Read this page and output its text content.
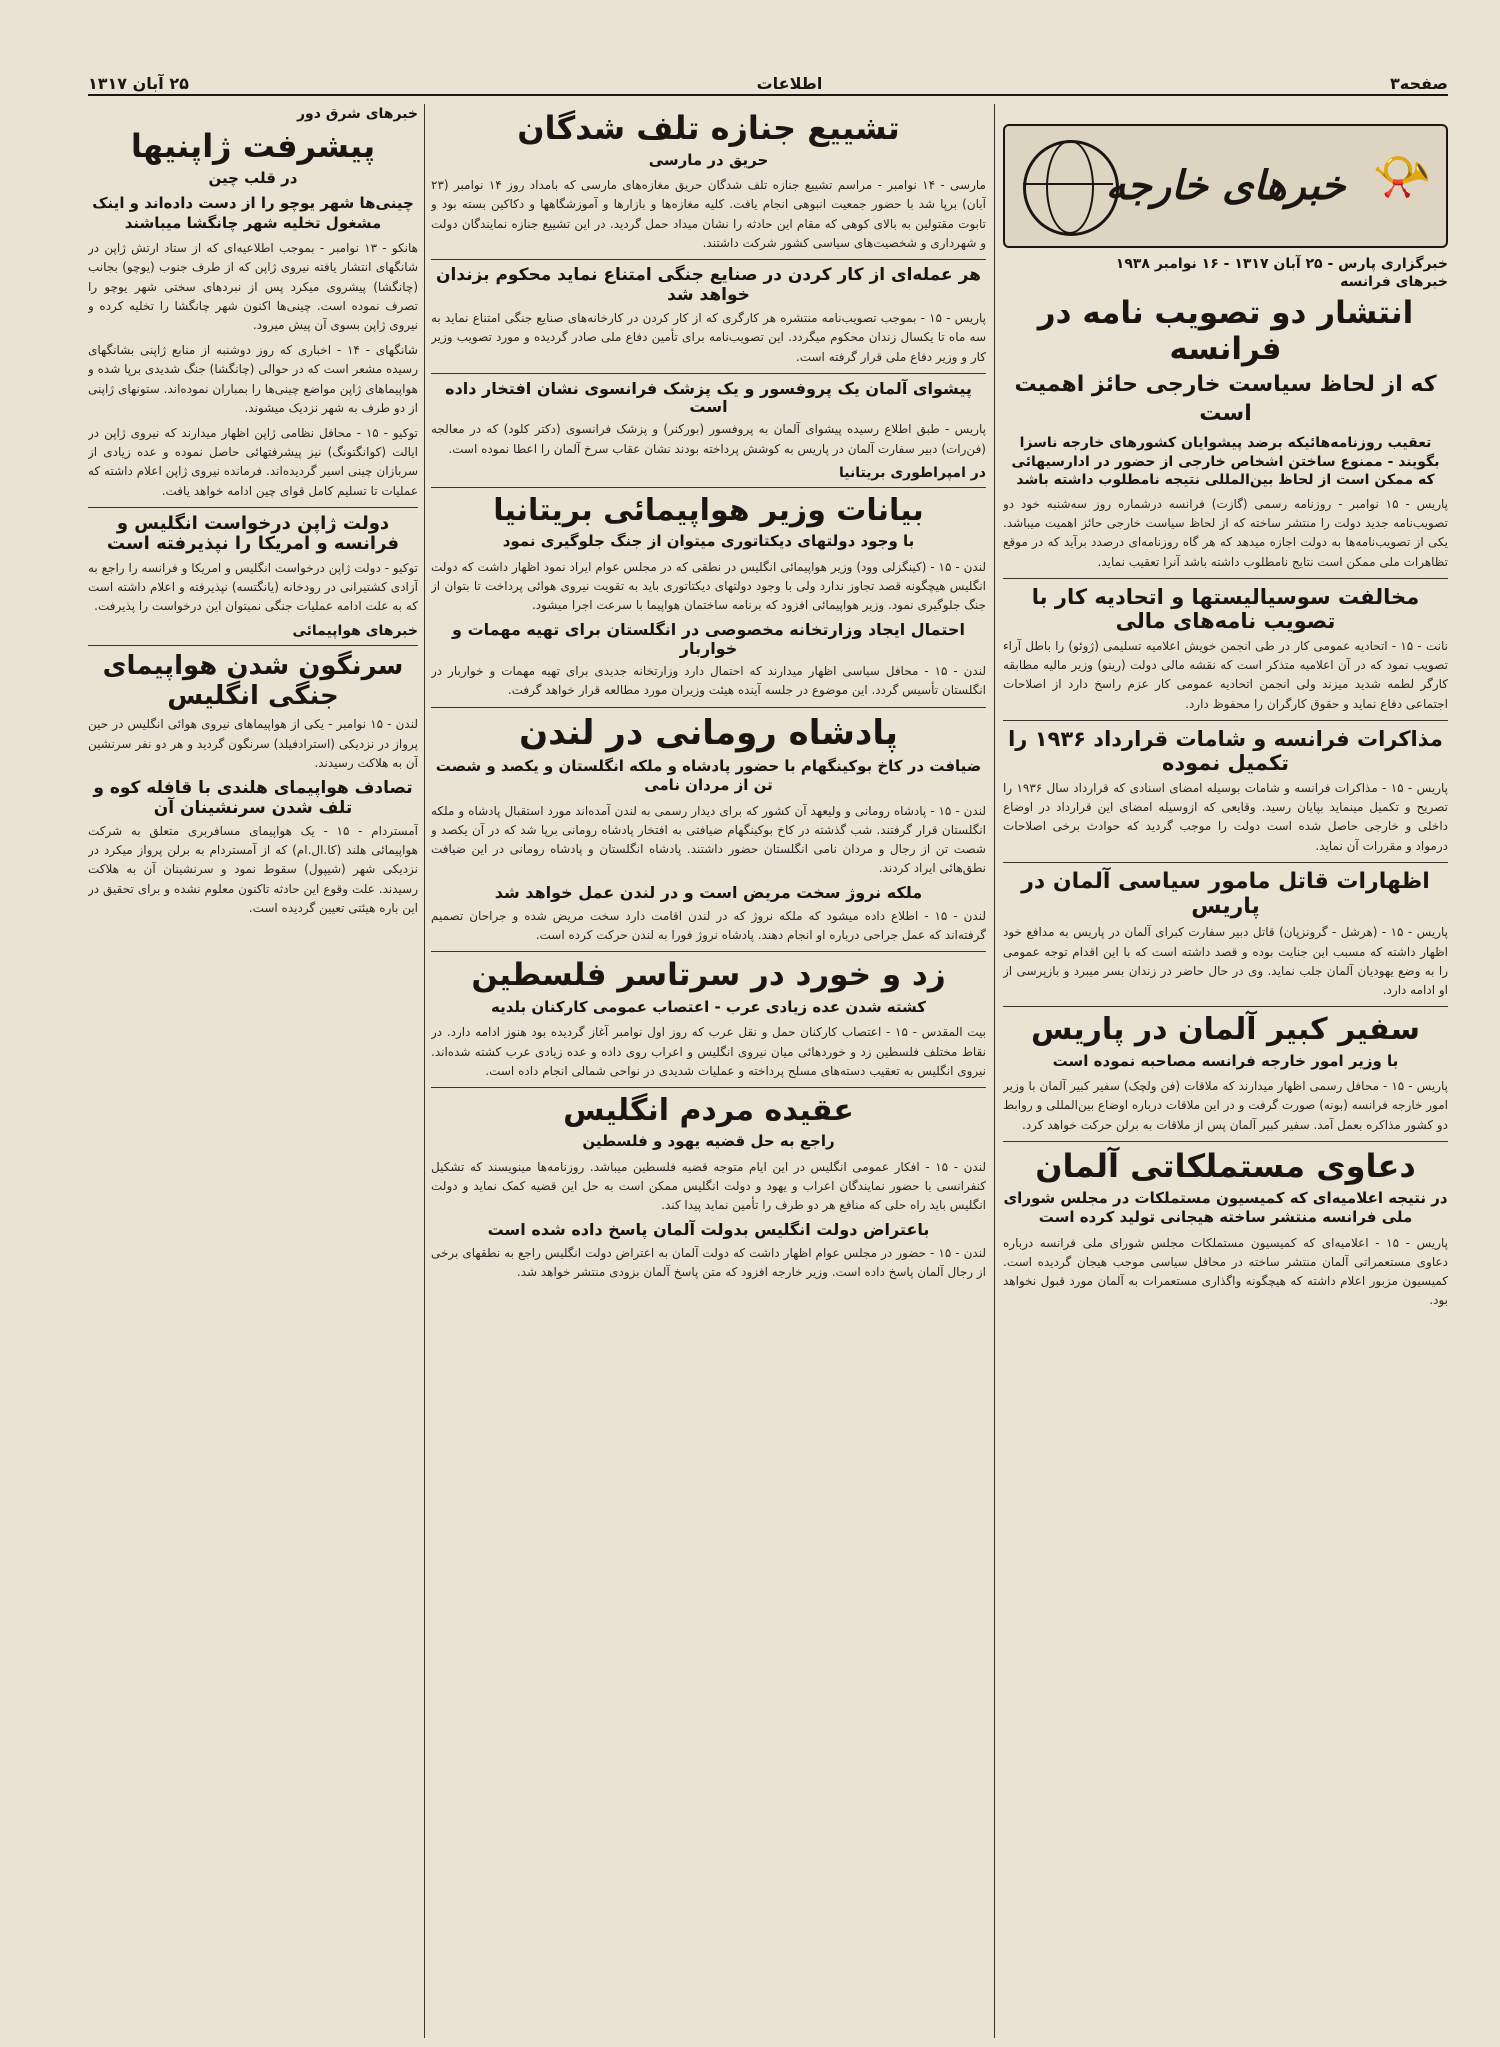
صفحه۳
اطلاعات
۲۵ آبان ۱۳۱۷
📯
خبرهای خارجه
خبرگزاری پارس - ۲۵ آبان ۱۳۱۷ - ۱۶ نوامبر ۱۹۳۸
خبرهای فرانسه
انتشار دو تصویب نامه در فرانسه
که از لحاظ سیاست خارجی حائز اهمیت است
تعقیب روزنامه‌هائیکه برضد پیشوایان کشورهای خارجه ناسزا بگویند - ممنوع ساختن اشخاص خارجی از حضور در ادارسیهائی که ممکن است از لحاظ بین‌المللی نتیجه نامطلوب داشته باشد

پاریس - ۱۵ نوامبر - روزنامه رسمی (گازت) فرانسه درشماره روز سه‌شنبه خود دو تصویب‌نامه جدید دولت را منتشر ساخته که از لحاظ سیاست خارجی حائز اهمیت میباشد. یکی از تصویب‌نامه‌ها به دولت اجازه میدهد که هر گاه روزنامه‌ای درصدد برآید که در موقع تظاهرات ملی ممکن است نتایج نامطلوب داشته باشد آنرا تعقیب نماید.

مخالفت سوسیالیستها و اتحادیه کار با تصویب نامه‌های مالی

نانت - ۱۵ - اتحادیه عمومی کار در طی انجمن خویش اعلامیه تسلیمی (ژوئو) را باطل آراء تصویب نمود که در آن اعلامیه متذکر است که نقشه مالی دولت (رینو) وزیر مالیه مطابقه کارگر لطمه شدید میزند ولی انجمن اتحادیه عمومی کار عزم راسخ دارد از اصلاحات اجتماعی دفاع نماید و حقوق کارگران را محفوظ دارد.

مذاکرات فرانسه و شامات قرارداد ۱۹۳۶ را تکمیل نموده

پاریس - ۱۵ - مذاکرات فرانسه و شامات بوسیله امضای اسنادی که قرارداد سال ۱۹۳۶ را تصریح و تکمیل مینماید بپایان رسید. وقایعی که ازوسیله امضای این قرارداد در اوضاع داخلی و خارجی حاصل شده است دولت را موجب گردید که حوادث برخی اصلاحات درمواد و مقررات آن نماید.

اظهارات قاتل مامور سیاسی آلمان در پاریس

پاریس - ۱۵ - (هرشل - گرونزپان) قاتل دبیر سفارت کبرای آلمان در پاریس به مدافع خود اظهار داشته که مسبب این جنایت بوده و قصد داشته است که با این اقدام توجه عمومی را به وضع یهودیان آلمان جلب نماید. وی در حال حاضر در زندان بسر میبرد و بازپرسی از او ادامه دارد.

سفیر کبیر آلمان در پاریس
با وزیر امور خارجه فرانسه مصاحبه نموده است

پاریس - ۱۵ - محافل رسمی اظهار میدارند که ملاقات (فن ولچک) سفیر کبیر آلمان با وزیر امور خارجه فرانسه (بونه) صورت گرفت و در این ملاقات درباره اوضاع بین‌المللی و روابط دو کشور مذاکره بعمل آمد. سفیر کبیر آلمان پس از ملاقات به برلن حرکت خواهد کرد.

دعاوی مستملکاتی آلمان
در نتیجه اعلامیه‌ای که کمیسیون مستملکات در مجلس شورای ملی فرانسه منتشر ساخته هیجانی تولید کرده است

پاریس - ۱۵ - اعلامیه‌ای که کمیسیون مستملکات مجلس شورای ملی فرانسه درباره دعاوی مستعمراتی آلمان منتشر ساخته در محافل سیاسی موجب هیجان گردیده است. کمیسیون مزبور اعلام داشته که هیچگونه واگذاری مستعمرات به آلمان مورد قبول نخواهد بود.

تشییع جنازه تلف شدگان
حریق در مارسی

مارسی - ۱۴ نوامبر - مراسم تشییع جنازه تلف شدگان حریق مغازه‌های مارسی که بامداد روز ۱۴ نوامبر (۲۳ آبان) برپا شد با حضور جمعیت انبوهی انجام یافت. کلیه مغازه‌ها و بازارها و آموزشگاهها و دکاکین بسته بود و تابوت مقتولین به بالای کوهی که مقام این حادثه را نشان میداد حمل گردید. در این تشییع جنازه نمایندگان دولت و شهرداری و شخصیت‌های سیاسی کشور شرکت داشتند.

هر عمله‌ای از کار کردن در صنایع جنگی امتناع نماید محکوم بزندان خواهد شد

پاریس - ۱۵ - بموجب تصویب‌نامه منتشره هر کارگری که از کار کردن در کارخانه‌های صنایع جنگی امتناع نماید به سه ماه تا یکسال زندان محکوم میگردد. این تصویب‌نامه برای تأمین دفاع ملی صادر گردیده و مورد تصویب وزیر کار و وزیر دفاع ملی قرار گرفته است.

پیشوای آلمان یک پروفسور و یک پزشک فرانسوی نشان افتخار داده است

پاریس - طبق اطلاع رسیده پیشوای آلمان به پروفسور (بورکنر) و پزشک فرانسوی (دکتر کلود) که در معالجه (فن‌رات) دبیر سفارت آلمان در پاریس به کوشش پرداخته بودند نشان عقاب سرخ آلمان را اعطا نموده است.

در امپراطوری بریتانیا
بیانات وزیر هواپیمائی بریتانیا
با وجود دولتهای دیکتاتوری میتوان از جنگ جلوگیری نمود

لندن - ۱۵ - (کینگزلی وود) وزیر هواپیمائی انگلیس در نطقی که در مجلس عوام ایراد نمود اظهار داشت که دولت انگلیس هیچگونه قصد تجاوز ندارد ولی با وجود دولتهای دیکتاتوری باید به تقویت نیروی هوائی پرداخت تا بتوان از جنگ جلوگیری نمود. وزیر هواپیمائی افزود که برنامه ساختمان هواپیما با سرعت اجرا میشود.

احتمال ایجاد وزارتخانه مخصوصی در انگلستان برای تهیه مهمات و خواربار

لندن - ۱۵ - محافل سیاسی اظهار میدارند که احتمال دارد وزارتخانه جدیدی برای تهیه مهمات و خواربار در انگلستان تأسیس گردد. این موضوع در جلسه آینده هیئت وزیران مورد مطالعه قرار خواهد گرفت.

پادشاه رومانی در لندن
ضیافت در کاخ بوکینگهام با حضور پادشاه و ملکه انگلستان و یکصد و شصت تن از مردان نامی

لندن - ۱۵ - پادشاه رومانی و ولیعهد آن کشور که برای دیدار رسمی به لندن آمده‌اند مورد استقبال پادشاه و ملکه انگلستان قرار گرفتند. شب گذشته در کاخ بوکینگهام ضیافتی به افتخار پادشاه رومانی برپا شد که در آن یکصد و شصت تن از رجال و مردان نامی انگلستان حضور داشتند. پادشاه انگلستان و پادشاه رومانی در این ضیافت نطق‌هائی ایراد کردند.

ملکه نروژ سخت مریض است و در لندن عمل خواهد شد

لندن - ۱۵ - اطلاع داده میشود که ملکه نروژ که در لندن اقامت دارد سخت مریض شده و جراحان تصمیم گرفته‌اند که عمل جراحی درباره او انجام دهند. پادشاه نروژ فورا به لندن حرکت کرده است.

زد و خورد در سرتاسر فلسطین
کشته شدن عده زیادی عرب - اعتصاب عمومی کارکنان بلدیه

بیت المقدس - ۱۵ - اعتصاب کارکنان حمل و نقل عرب که روز اول نوامبر آغاز گردیده بود هنوز ادامه دارد. در نقاط مختلف فلسطین زد و خوردهائی میان نیروی انگلیس و اعراب روی داده و عده زیادی عرب کشته شده‌اند. نیروی انگلیس به تعقیب دسته‌های مسلح پرداخته و عملیات شدیدی در نواحی شمالی انجام داده است.

عقیده مردم انگلیس
راجع به حل قضیه یهود و فلسطین

لندن - ۱۵ - افکار عمومی انگلیس در این ایام متوجه قضیه فلسطین میباشد. روزنامه‌ها مینویسند که تشکیل کنفرانسی با حضور نمایندگان اعراب و یهود و دولت انگلیس ممکن است به حل این قضیه کمک نماید و دولت انگلیس باید راه حلی که منافع هر دو طرف را تأمین نماید پیدا کند.

باعتراض دولت انگلیس بدولت آلمان پاسخ داده شده است

لندن - ۱۵ - حضور در مجلس عوام اظهار داشت که دولت آلمان به اعتراض دولت انگلیس راجع به نطقهای برخی از رجال آلمان پاسخ داده است. وزیر خارجه افزود که متن پاسخ آلمان بزودی منتشر خواهد شد.

خبرهای شرق دور
پیشرفت ژاپنیها
در قلب چین
چینی‌ها شهر یوچو را از دست داده‌اند و اینک مشغول تخلیه شهر چانگشا میباشند

هانکو - ۱۳ نوامبر - بموجب اطلاعیه‌ای که از ستاد ارتش ژاپن در شانگهای انتشار یافته نیروی ژاپن که از طرف جنوب (یوچو) بجانب (چانگشا) پیشروی میکرد پس از نبردهای سختی شهر یوچو را تصرف نموده است. چینی‌ها اکنون شهر چانگشا را تخلیه کرده و نیروی ژاپن بسوی آن پیش میرود.

شانگهای - ۱۴ - اخباری که روز دوشنبه از منابع ژاپنی بشانگهای رسیده مشعر است که در حوالی (چانگشا) جنگ شدیدی برپا شده و هواپیماهای ژاپن مواضع چینی‌ها را بمباران نموده‌اند. ستونهای ژاپنی از دو طرف به شهر نزدیک میشوند.

توکیو - ۱۵ - محافل نظامی ژاپن اظهار میدارند که نیروی ژاپن در ایالت (کوانگتونگ) نیز پیشرفتهائی حاصل نموده و عده زیادی از سربازان چینی اسیر گردیده‌اند. فرمانده نیروی ژاپن اعلام داشته که عملیات تا تسلیم کامل قوای چین ادامه خواهد یافت.

دولت ژاپن درخواست انگلیس و فرانسه و امریکا را نپذیرفته است

توکیو - دولت ژاپن درخواست انگلیس و امریکا و فرانسه را راجع به آزادی کشتیرانی در رودخانه (یانگتسه) نپذیرفته و اعلام داشته است که به علت ادامه عملیات جنگی نمیتوان این درخواست را پذیرفت.

خبرهای هواپیمائی
سرنگون شدن هواپیمای جنگی انگلیس

لندن - ۱۵ نوامبر - یکی از هواپیماهای نیروی هوائی انگلیس در حین پرواز در نزدیکی (استرادفیلد) سرنگون گردید و هر دو نفر سرنشین آن به هلاکت رسیدند.

تصادف هواپیمای هلندی با قافله کوه و تلف شدن سرنشینان آن

آمستردام - ۱۵ - یک هواپیمای مسافربری متعلق به شرکت هواپیمائی هلند (کا.ال.ام) که از آمستردام به برلن پرواز میکرد در نزدیکی شهر (شیپول) سقوط نمود و سرنشینان آن به هلاکت رسیدند. علت وقوع این حادثه تاکنون معلوم نشده و برای تحقیق در این باره هیئتی تعیین گردیده است.
